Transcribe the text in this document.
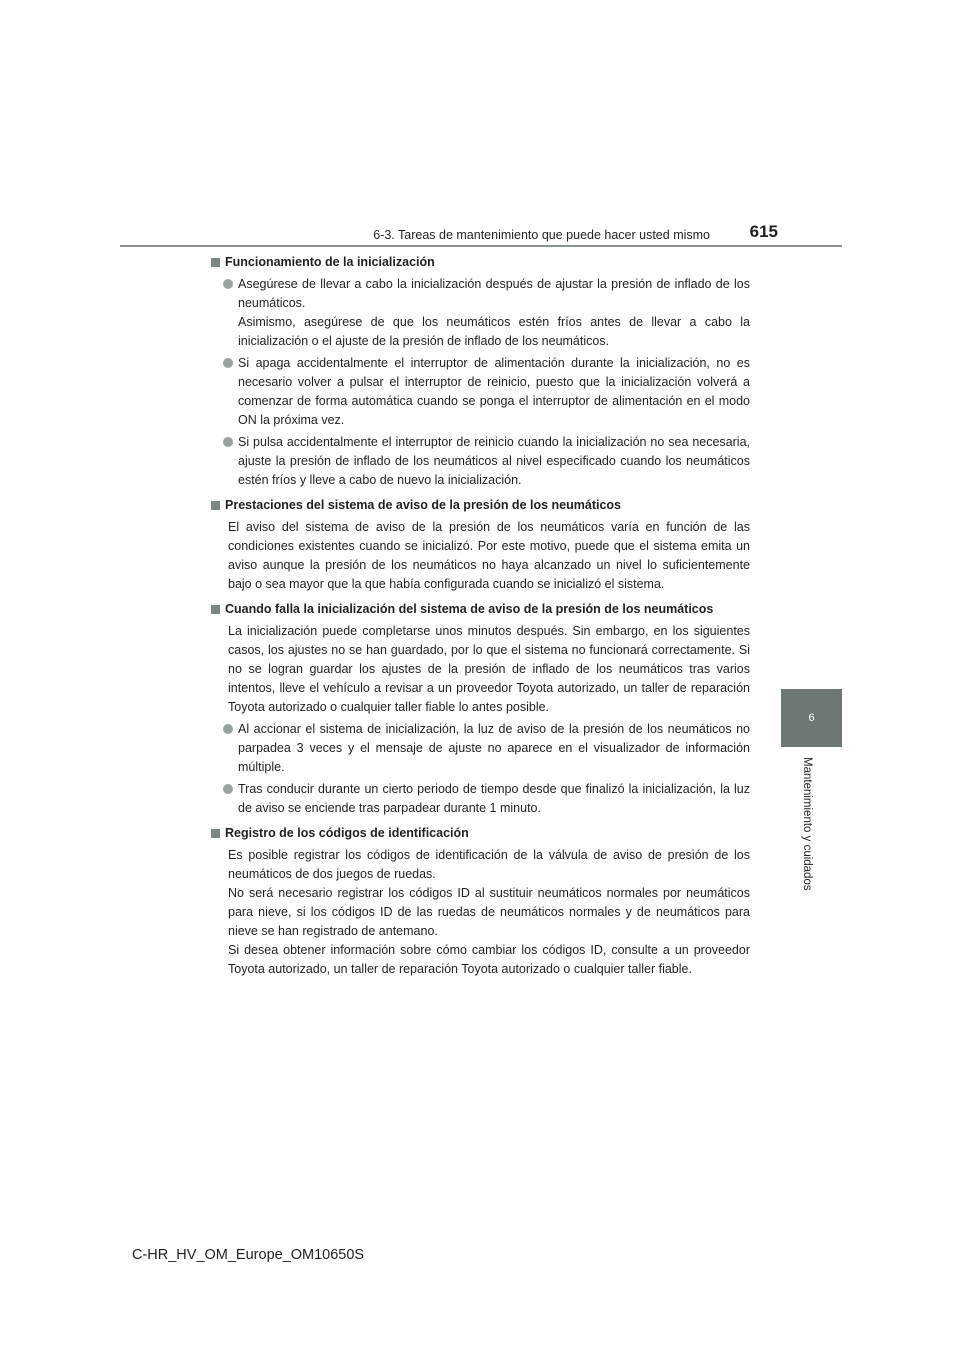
6-3. Tareas de mantenimiento que puede hacer usted mismo 615
6
Mantenimiento y cuidados
Funcionamiento de la inicialización
Asegúrese de llevar a cabo la inicialización después de ajustar la presión de inflado de los neumáticos.
Asimismo, asegúrese de que los neumáticos estén fríos antes de llevar a cabo la inicialización o el ajuste de la presión de inflado de los neumáticos.
Si apaga accidentalmente el interruptor de alimentación durante la inicialización, no es necesario volver a pulsar el interruptor de reinicio, puesto que la inicialización volverá a comenzar de forma automática cuando se ponga el interruptor de alimentación en el modo ON la próxima vez.
Si pulsa accidentalmente el interruptor de reinicio cuando la inicialización no sea necesaria, ajuste la presión de inflado de los neumáticos al nivel especificado cuando los neumáticos estén fríos y lleve a cabo de nuevo la inicialización.
Prestaciones del sistema de aviso de la presión de los neumáticos
El aviso del sistema de aviso de la presión de los neumáticos varía en función de las condiciones existentes cuando se inicializó. Por este motivo, puede que el sistema emita un aviso aunque la presión de los neumáticos no haya alcanzado un nivel lo suficientemente bajo o sea mayor que la que había configurada cuando se inicializó el sistema.
Cuando falla la inicialización del sistema de aviso de la presión de los neumáticos
La inicialización puede completarse unos minutos después. Sin embargo, en los siguientes casos, los ajustes no se han guardado, por lo que el sistema no funcionará correctamente. Si no se logran guardar los ajustes de la presión de inflado de los neumáticos tras varios intentos, lleve el vehículo a revisar a un proveedor Toyota autorizado, un taller de reparación Toyota autorizado o cualquier taller fiable lo antes posible.
Al accionar el sistema de inicialización, la luz de aviso de la presión de los neumáticos no parpadea 3 veces y el mensaje de ajuste no aparece en el visualizador de información múltiple.
Tras conducir durante un cierto periodo de tiempo desde que finalizó la inicialización, la luz de aviso se enciende tras parpadear durante 1 minuto.
Registro de los códigos de identificación
Es posible registrar los códigos de identificación de la válvula de aviso de presión de los neumáticos de dos juegos de ruedas.
No será necesario registrar los códigos ID al sustituir neumáticos normales por neumáticos para nieve, si los códigos ID de las ruedas de neumáticos normales y de neumáticos para nieve se han registrado de antemano.
Si desea obtener información sobre cómo cambiar los códigos ID, consulte a un proveedor Toyota autorizado, un taller de reparación Toyota autorizado o cualquier taller fiable.
C-HR_HV_OM_Europe_OM10650S
